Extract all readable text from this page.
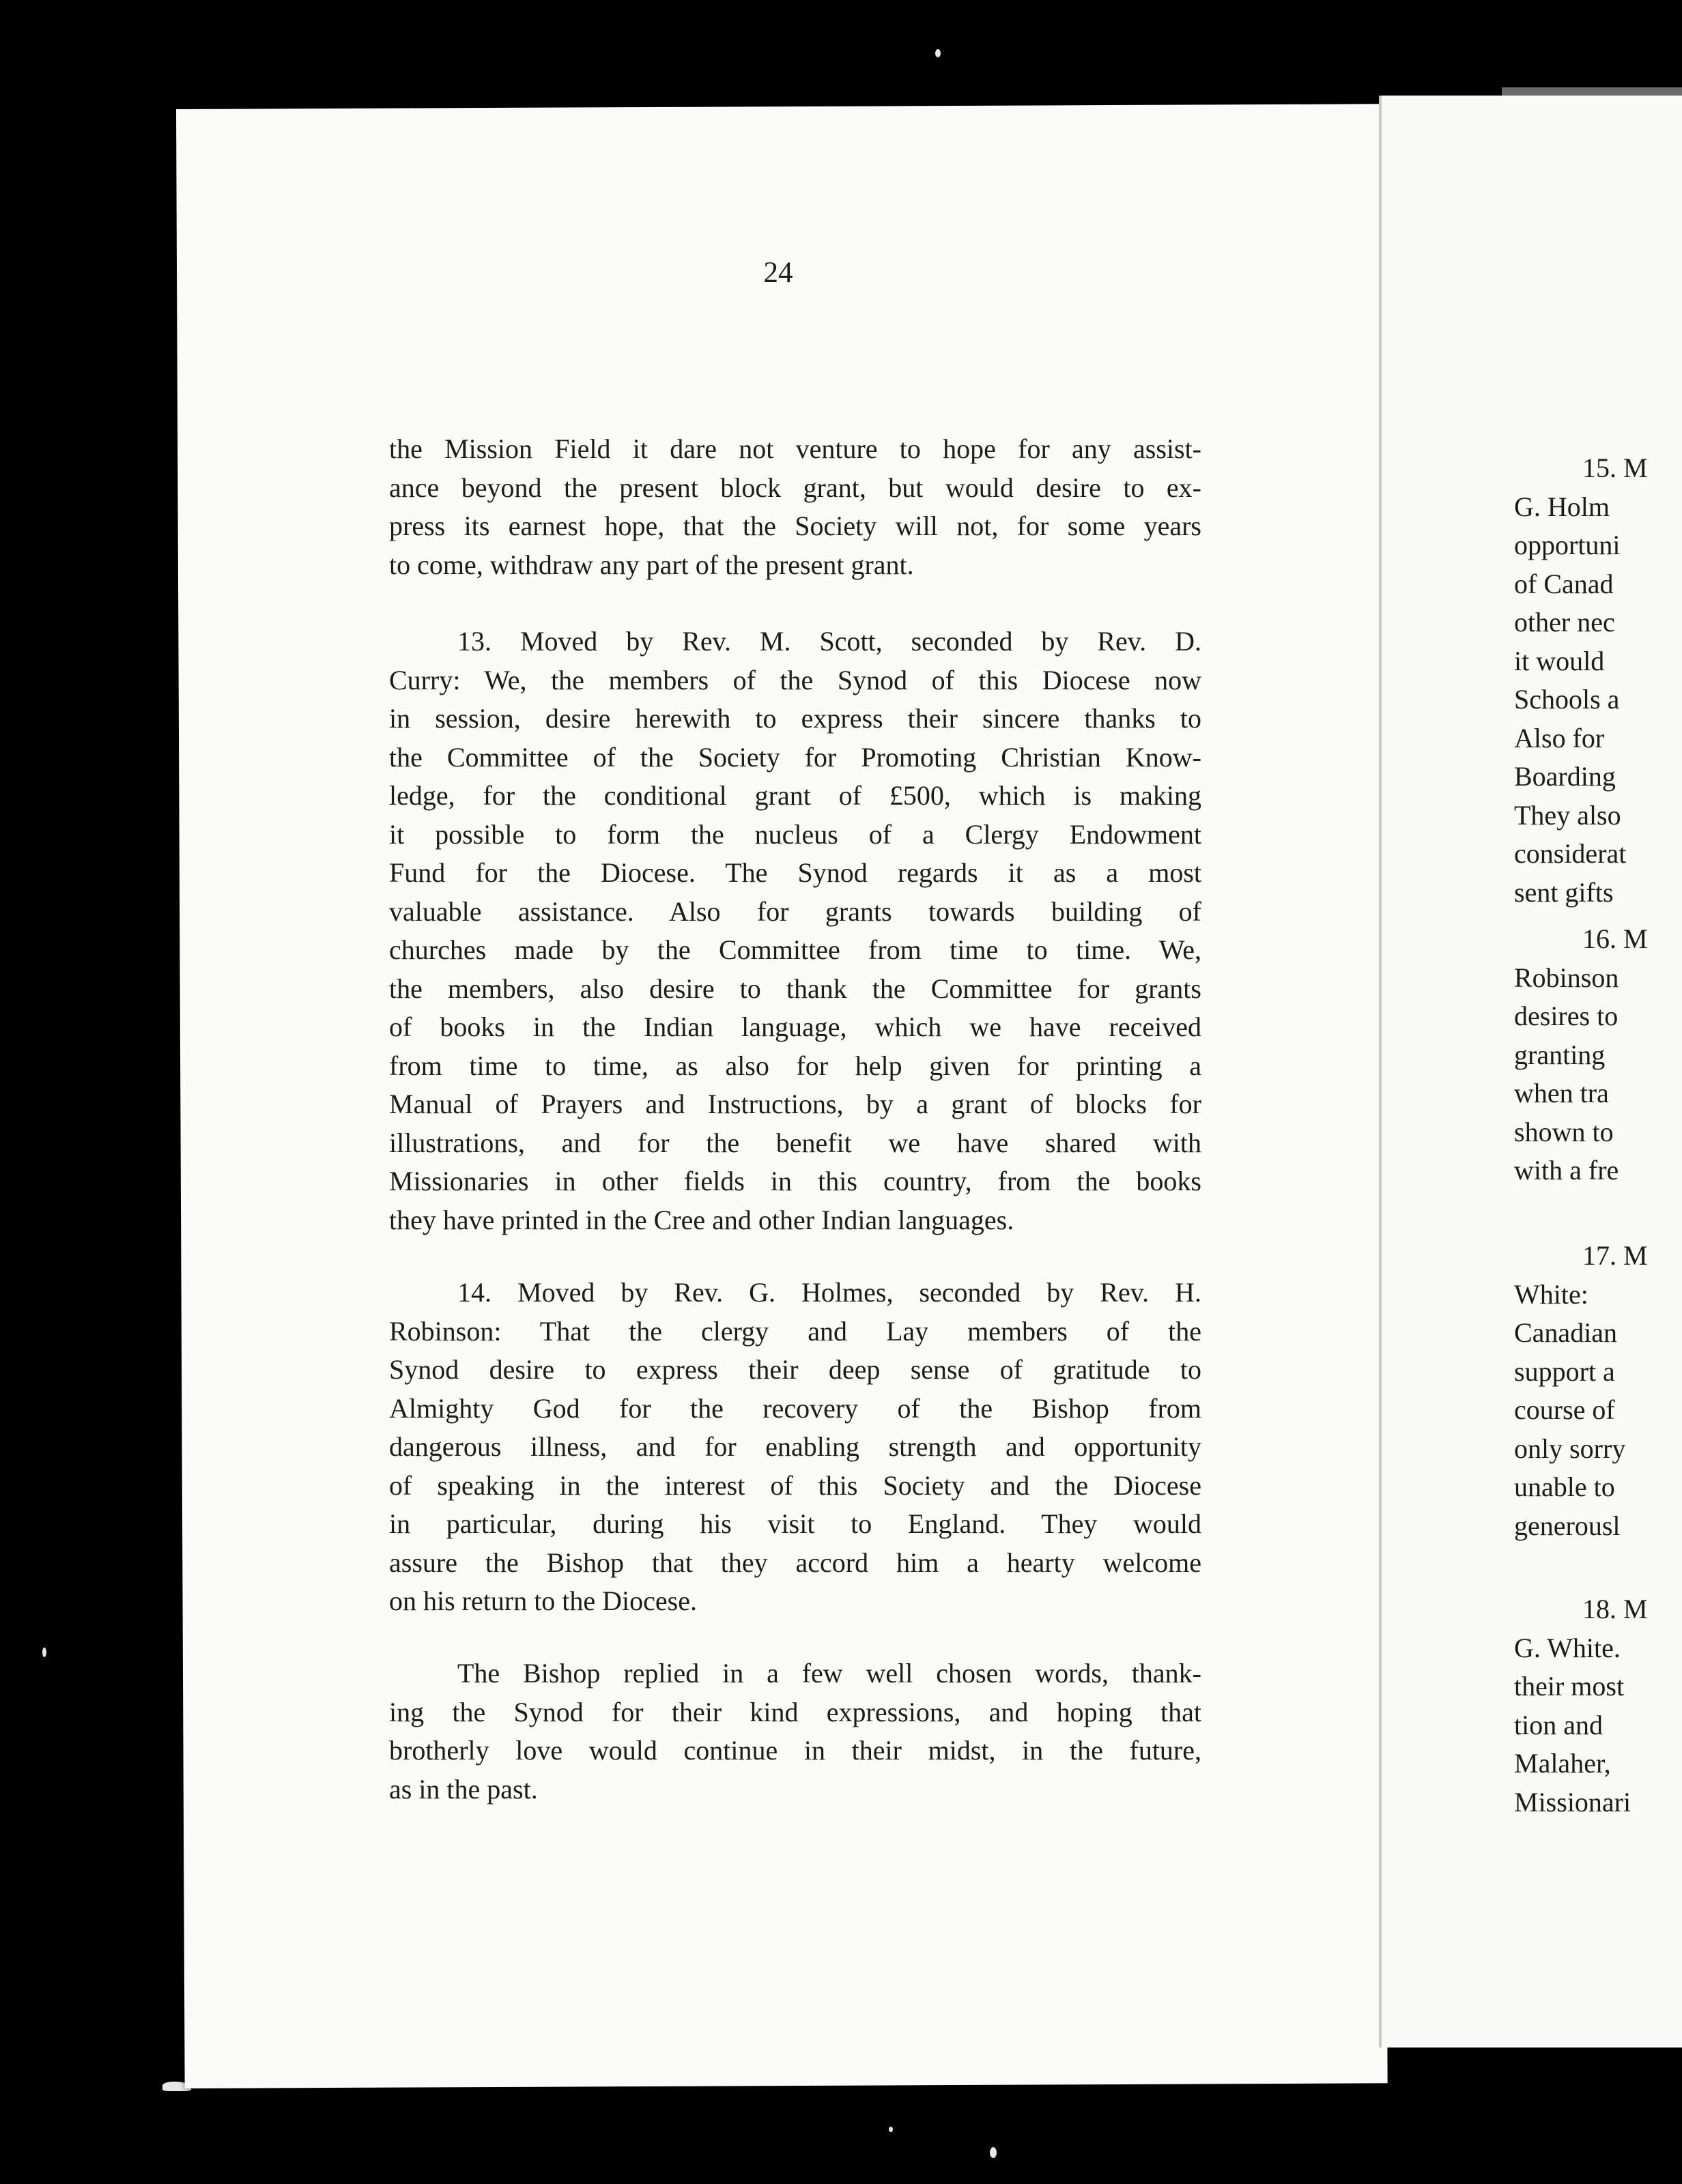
24
the Mission Field it dare not venture to hope for any assist-
ance beyond the present block grant, but would desire to ex-
press its earnest hope, that the Society will not, for some years
to come, withdraw any part of the present grant.
13. Moved by Rev. M. Scott, seconded by Rev. D.
Curry: We, the members of the Synod of this Diocese now
in session, desire herewith to express their sincere thanks to
the Committee of the Society for Promoting Christian Know-
ledge, for the conditional grant of £500, which is making
it possible to form the nucleus of a Clergy Endowment
Fund for the Diocese. The Synod regards it as a most
valuable assistance. Also for grants towards building of
churches made by the Committee from time to time. We,
the members, also desire to thank the Committee for grants
of books in the Indian language, which we have received
from time to time, as also for help given for printing a
Manual of Prayers and Instructions, by a grant of blocks for
illustrations, and for the benefit we have shared with
Missionaries in other fields in this country, from the books
they have printed in the Cree and other Indian languages.
14. Moved by Rev. G. Holmes, seconded by Rev. H.
Robinson: That the clergy and Lay members of the
Synod desire to express their deep sense of gratitude to
Almighty God for the recovery of the Bishop from
dangerous illness, and for enabling strength and opportunity
of speaking in the interest of this Society and the Diocese
in particular, during his visit to England. They would
assure the Bishop that they accord him a hearty welcome
on his return to the Diocese.
The Bishop replied in a few well chosen words, thank-
ing the Synod for their kind expressions, and hoping that
brotherly love would continue in their midst, in the future,
as in the past.
15. M
G. Holm
opportuni
of Canad
other nec
it would
Schools a
Also for
Boarding
They also
considerat
sent gifts
16. M
Robinson
desires to
granting
when tra
shown to
with a fre
17. M
White:
Canadian
support a
course of
only sorry
unable to
generousl
18. M
G. White.
their most
tion and
Malaher,
Missionari
